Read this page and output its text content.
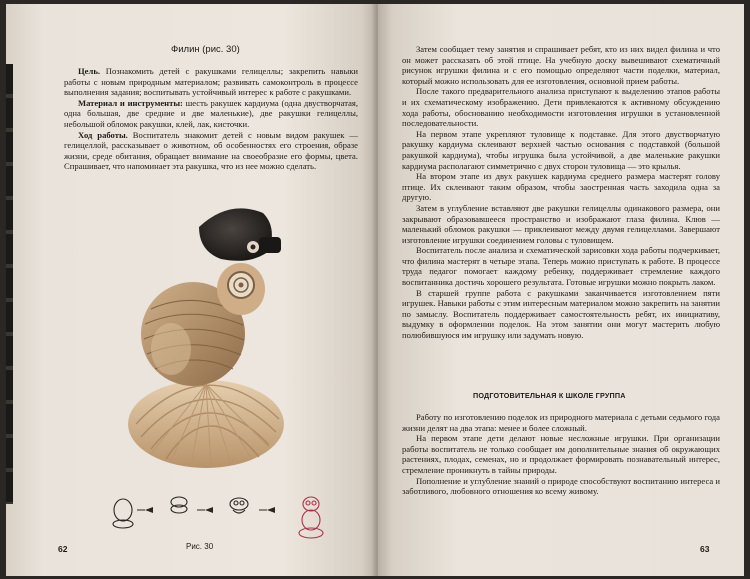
Филин (рис. 30)

Цель. Познакомить детей с ракушками гелицеллы; закрепить навыки работы с новым природным материалом; развивать самоконтроль в процессе выполнения задания; воспитывать устойчивый интерес к работе с ракушками.

Материал и инструменты: шесть ракушек кардиума (одна двустворчатая, одна большая, две средние и две маленькие), две ракушки гелицеллы, небольшой обломок ракушки, клей, лак, кисточки.

Ход работы. Воспитатель знакомит детей с новым видом ракушек — гелицеллой, рассказывает о животном, об особенностях его строения, образе жизни, среде обитания, обращает внимание на своеобразие его формы, цвета. Спрашивает, что напоминает эта ракушка, что из нее можно сделать.

Рис. 30
62

Затем сообщает тему занятия и спрашивает ребят, кто из них видел филина и что он может рассказать об этой птице. На учебную доску вывешивают схематичный рисунок игрушки филина и с его помощью определяют части поделки, материал, который можно использовать для ее изготовления, основной прием работы.

После такого предварительного анализа приступают к выделению этапов работы и их схематическому изображению. Дети привлекаются к активному обсуждению хода работы, обоснованию необходимости изготовления игрушки в установленной последовательности.

На первом этапе укрепляют туловище к подставке. Для этого двустворчатую ракушку кардиума склеивают верхней частью основания с подставкой (большой ракушкой кардиума), чтобы игрушка была устойчивой, а две маленькие ракушки кардиума располагают симметрично с двух сторон туловища — это крылья.

На втором этапе из двух ракушек кардиума среднего размера мастерят голову птице. Их склеивают таким образом, чтобы заостренная часть заходила одна за другую.

Затем в углубление вставляют две ракушки гелицеллы одинакового размера, они закрывают образовавшееся пространство и изображают глаза филина. Клюв — маленький обломок ракушки — приклеивают между двумя гелицеллами. Завершают изготовление игрушки соединением головы с туловищем.

Воспитатель после анализа и схематической зарисовки хода работы подчеркивает, что филина мастерят в четыре этапа. Теперь можно приступать к работе. В процессе труда педагог помогает каждому ребенку, поддерживает стремление каждого воспитанника достичь хорошего результата. Готовые игрушки можно покрыть лаком.

В старшей группе работа с ракушками заканчивается изготовлением пяти игрушек. Навыки работы с этим интересным материалом можно закрепить на занятии по замыслу. Воспитатель поддерживает самостоятельность ребят, их инициативу, выдумку в оформлении поделок. На этом занятии они могут мастерить любую полюбившуюся им игрушку или задумать новую.

ПОДГОТОВИТЕЛЬНАЯ К ШКОЛЕ ГРУППА

Работу по изготовлению поделок из природного материала с детьми седьмого года жизни делят на два этапа: менее и более сложный.

На первом этапе дети делают новые несложные игрушки. При организации работы воспитатель не только сообщает им дополнительные знания об окружающих растениях, плодах, семенах, но и продолжает формировать познавательный интерес, стремление проникнуть в тайны природы.

Пополнение и углубление знаний о природе способствуют воспитанию интереса и заботливого, любовного отношения ко всему живому.

63
